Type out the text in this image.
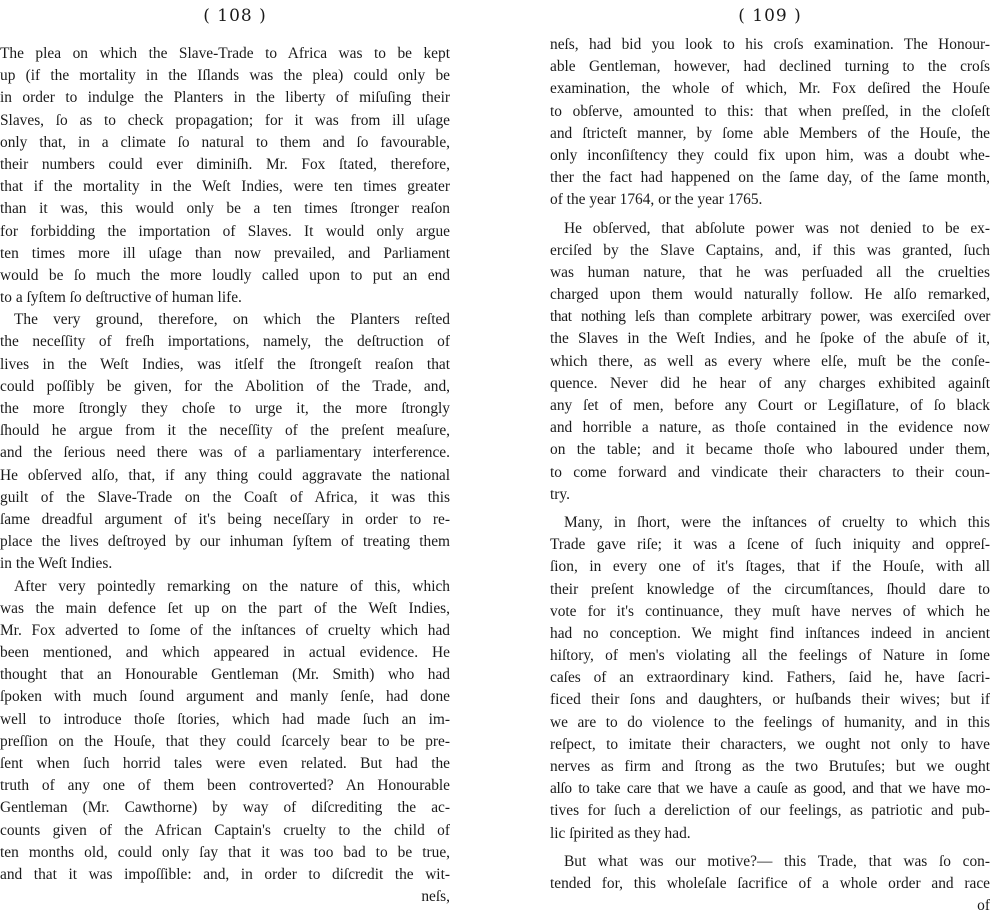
( 108 )
The plea on which the Slave-Trade to Africa was to be kept
up (if the mortality in the Iſlands was the plea) could only be
in order to indulge the Planters in the liberty of miſuſing their
Slaves, ſo as to check propagation; for it was from ill uſage
only that, in a climate ſo natural to them and ſo favourable,
their numbers could ever diminiſh. Mr. Fox ſtated, therefore,
that if the mortality in the Weſt Indies, were ten times greater
than it was, this would only be a ten times ſtronger reaſon
for forbidding the importation of Slaves. It would only argue
ten times more ill uſage than now prevailed, and Parliament
would be ſo much the more loudly called upon to put an end
to a ſyſtem ſo deſtructive of human life.
The very ground, therefore, on which the Planters reſted
the neceſſity of freſh importations, namely, the deſtruction of
lives in the Weſt Indies, was itſelf the ſtrongeſt reaſon that
could poſſibly be given, for the Abolition of the Trade, and,
the more ſtrongly they choſe to urge it, the more ſtrongly
ſhould he argue from it the neceſſity of the preſent meaſure,
and the ſerious need there was of a parliamentary interference.
He obſerved alſo, that, if any thing could aggravate the national
guilt of the Slave-Trade on the Coaſt of Africa, it was this
ſame dreadful argument of it's being neceſſary in order to re-
place the lives deſtroyed by our inhuman ſyſtem of treating them
in the Weſt Indies.
After very pointedly remarking on the nature of this, which
was the main defence ſet up on the part of the Weſt Indies,
Mr. Fox adverted to ſome of the inſtances of cruelty which had
been mentioned, and which appeared in actual evidence. He
thought that an Honourable Gentleman (Mr. Smith) who had
ſpoken with much ſound argument and manly ſenſe, had done
well to introduce thoſe ſtories, which had made ſuch an im-
preſſion on the Houſe, that they could ſcarcely bear to be pre-
ſent when ſuch horrid tales were even related. But had the
truth of any one of them been controverted? An Honourable
Gentleman (Mr. Cawthorne) by way of diſcrediting the ac-
counts given of the African Captain's cruelty to the child of
ten months old, could only ſay that it was too bad to be true,
and that it was impoſſible: and, in order to diſcredit the wit-
neſs,
( 109 )
neſs, had bid you look to his croſs examination. The Honour-
able Gentleman, however, had declined turning to the croſs
examination, the whole of which, Mr. Fox deſired the Houſe
to obſerve, amounted to this: that when preſſed, in the cloſeſt
and ſtricteſt manner, by ſome able Members of the Houſe, the
only inconſiſtency they could fix upon him, was a doubt whe-
ther the fact had happened on the ſame day, of the ſame month,
of the year 1764, or the year 1765.
He obſerved, that abſolute power was not denied to be ex-
erciſed by the Slave Captains, and, if this was granted, ſuch
was human nature, that he was perſuaded all the cruelties
charged upon them would naturally follow. He alſo remarked,
that nothing leſs than complete arbitrary power, was exerciſed over
the Slaves in the Weſt Indies, and he ſpoke of the abuſe of it,
which there, as well as every where elſe, muſt be the conſe-
quence. Never did he hear of any charges exhibited againſt
any ſet of men, before any Court or Legiſlature, of ſo black
and horrible a nature, as thoſe contained in the evidence now
on the table; and it became thoſe who laboured under them,
to come forward and vindicate their characters to their coun-
try.
Many, in ſhort, were the inſtances of cruelty to which this
Trade gave riſe; it was a ſcene of ſuch iniquity and oppreſ-
ſion, in every one of it's ſtages, that if the Houſe, with all
their preſent knowledge of the circumſtances, ſhould dare to
vote for it's continuance, they muſt have nerves of which he
had no conception. We might find inſtances indeed in ancient
hiſtory, of men's violating all the feelings of Nature in ſome
caſes of an extraordinary kind. Fathers, ſaid he, have ſacri-
ficed their ſons and daughters, or huſbands their wives; but if
we are to do violence to the feelings of humanity, and in this
reſpect, to imitate their characters, we ought not only to have
nerves as firm and ſtrong as the two Brutuſes; but we ought
alſo to take care that we have a cauſe as good, and that we have mo-
tives for ſuch a dereliction of our feelings, as patriotic and pub-
lic ſpirited as they had.
But what was our motive?— this Trade, that was ſo con-
tended for, this wholeſale ſacrifice of a whole order and race
of
